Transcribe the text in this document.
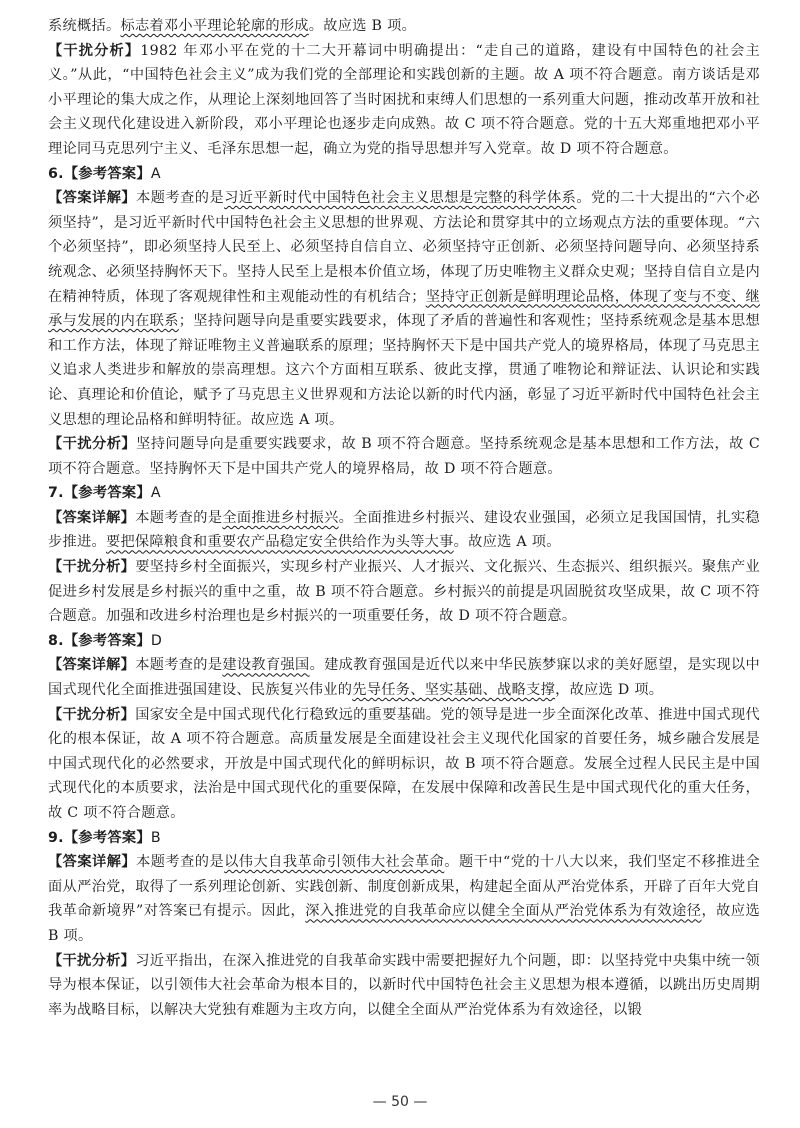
系统概括。标志着邓小平理论轮廓的形成。故应选 B 项。

【干扰分析】1982 年邓小平在党的十二大开幕词中明确提出：“走自己的道路，建设有中国特色的社会主义。”从此，“中国特色社会主义”成为我们党的全部理论和实践创新的主题。故 A 项不符合题意。南方谈话是邓小平理论的集大成之作，从理论上深刻地回答了当时困扰和束缚人们思想的一系列重大问题，推动改革开放和社会主义现代化建设进入新阶段，邓小平理论也逐步走向成熟。故 C 项不符合题意。党的十五大郑重地把邓小平理论同马克思列宁主义、毛泽东思想一起，确立为党的指导思想并写入党章。故 D 项不符合题意。

6.【参考答案】A

【答案详解】本题考查的是习近平新时代中国特色社会主义思想是完整的科学体系。党的二十大提出的“六个必须坚持”，是习近平新时代中国特色社会主义思想的世界观、方法论和贯穿其中的立场观点方法的重要体现。“六个必须坚持”，即必须坚持人民至上、必须坚持自信自立、必须坚持守正创新、必须坚持问题导向、必须坚持系统观念、必须坚持胸怀天下。坚持人民至上是根本价值立场，体现了历史唯物主义群众史观；坚持自信自立是内在精神特质，体现了客观规律性和主观能动性的有机结合；坚持守正创新是鲜明理论品格，体现了变与不变、继承与发展的内在联系；坚持问题导向是重要实践要求，体现了矛盾的普遍性和客观性；坚持系统观念是基本思想和工作方法，体现了辩证唯物主义普遍联系的原理；坚持胸怀天下是中国共产党人的境界格局，体现了马克思主义追求人类进步和解放的崇高理想。这六个方面相互联系、彼此支撑，贯通了唯物论和辩证法、认识论和实践论、真理论和价值论，赋予了马克思主义世界观和方法论以新的时代内涵，彰显了习近平新时代中国特色社会主义思想的理论品格和鲜明特征。故应选 A 项。

【干扰分析】坚持问题导向是重要实践要求，故 B 项不符合题意。坚持系统观念是基本思想和工作方法，故 C 项不符合题意。坚持胸怀天下是中国共产党人的境界格局，故 D 项不符合题意。

7.【参考答案】A

【答案详解】本题考查的是全面推进乡村振兴。全面推进乡村振兴、建设农业强国，必须立足我国国情，扎实稳步推进。要把保障粮食和重要农产品稳定安全供给作为头等大事。故应选 A 项。

【干扰分析】要坚持乡村全面振兴，实现乡村产业振兴、人才振兴、文化振兴、生态振兴、组织振兴。聚焦产业促进乡村发展是乡村振兴的重中之重，故 B 项不符合题意。乡村振兴的前提是巩固脱贫攻坚成果，故 C 项不符合题意。加强和改进乡村治理也是乡村振兴的一项重要任务，故 D 项不符合题意。

8.【参考答案】D

【答案详解】本题考查的是建设教育强国。建成教育强国是近代以来中华民族梦寐以求的美好愿望，是实现以中国式现代化全面推进强国建设、民族复兴伟业的先导任务、坚实基础、战略支撑，故应选 D 项。

【干扰分析】国家安全是中国式现代化行稳致远的重要基础。党的领导是进一步全面深化改革、推进中国式现代化的根本保证，故 A 项不符合题意。高质量发展是全面建设社会主义现代化国家的首要任务，城乡融合发展是中国式现代化的必然要求，开放是中国式现代化的鲜明标识，故 B 项不符合题意。发展全过程人民民主是中国式现代化的本质要求，法治是中国式现代化的重要保障，在发展中保障和改善民生是中国式现代化的重大任务，故 C 项不符合题意。

9.【参考答案】B

【答案详解】本题考查的是以伟大自我革命引领伟大社会革命。题干中“党的十八大以来，我们坚定不移推进全面从严治党，取得了一系列理论创新、实践创新、制度创新成果，构建起全面从严治党体系，开辟了百年大党自我革命新境界”对答案已有提示。因此，深入推进党的自我革命应以健全全面从严治党体系为有效途径，故应选 B 项。

【干扰分析】习近平指出，在深入推进党的自我革命实践中需要把握好九个问题，即：以坚持党中央集中统一领导为根本保证，以引领伟大社会革命为根本目的，以新时代中国特色社会主义思想为根本遵循，以跳出历史周期率为战略目标，以解决大党独有难题为主攻方向，以健全全面从严治党体系为有效途径，以锻

— 50 —
